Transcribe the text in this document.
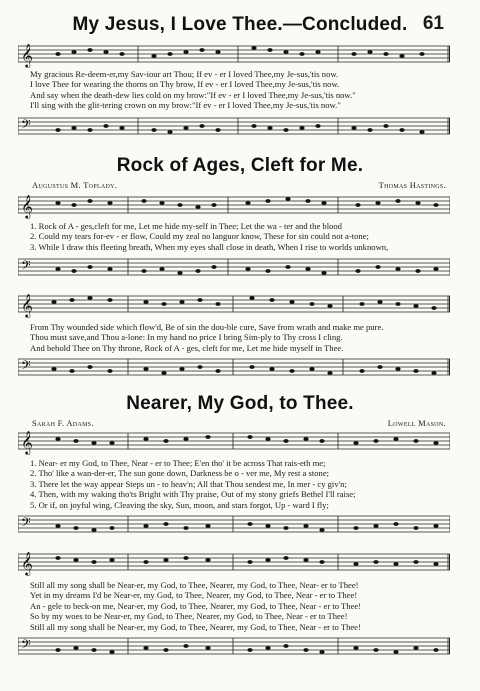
My Jesus, I Love Thee.—Concluded. 61
𝄞
My gracious Re-deem-er,my Sav-iour art Thou; If ev - er I loved Thee,my Je-sus,'tis now.
I love Thee for wearing the thorns on Thy brow, If ev - er I loved Thee,my Je-sus,'tis now.
And say when the death-dew lies cold on my brow:"If ev - er I loved Thee,my Je-sus,'tis now."
I'll sing with the glit-tering crown on my brow:"If ev - er I loved Thee,my Je-sus,'tis now."
𝄢
Rock of Ages, Cleft for Me.
Augustus M. Toplady.	Thomas Hastings.
𝄞
1. Rock of A - ges,cleft for me, Let me hide my-self in Thee; Let the wa - ter and the blood
2. Could my tears for-ev - er flow, Could my zeal no languor know, These for sin could not a-tone;
3. While I draw this fleeting breath, When my eyes shall close in death, When I rise to worlds unknown,
𝄢
𝄞
From Thy wounded side which flow'd, Be of sin the dou-ble cure, Save from wrath and make me pure.
Thou must save,and Thou a-lone: In my hand no price I bring Sim-ply to Thy cross I cling.
And behold Thee on Thy throne, Rock of A - ges, cleft for me, Let me hide myself in Thee.
𝄢
Nearer, My God, to Thee.
Sarah F. Adams.	Lowell Mason.
𝄞
1. Near- er my God, to Thee, Near - er to Thee; E'en tho' it be across That rais-eth me;
2. Tho' like a wan-der-er, The sun gone down, Darkness be o - ver me, My rest a stone;
3. There let the way appear Steps un - to heav'n; All that Thou sendest me, In mer - cy giv'n;
4. Then, with my waking tho'ts Bright with Thy praise, Out of my stony griefs Bethel I'll raise;
5. Or if, on joyful wing, Cleaving the sky, Sun, moon, and stars forgot, Up - ward I fly;
𝄢
𝄞
Still all my song shall be Near-er, my God, to Thee, Nearer, my God, to Thee, Near- er to Thee!
Yet in my dreams I'd be Near-er, my God, to Thee, Nearer, my God, to Thee, Near - er to Thee!
An - gele to beck-on me, Near-er, my God, to Thee, Nearer, my God, to Thee, Near - er to Thee!
So by my woes to be Near-er, my God, to Thee, Nearer, my God, to Thee, Near - er to Thee!
Still all my song shall be Near-er, my God, to Thee, Nearer, my God, to Thee, Near - er to Thee!
𝄢
